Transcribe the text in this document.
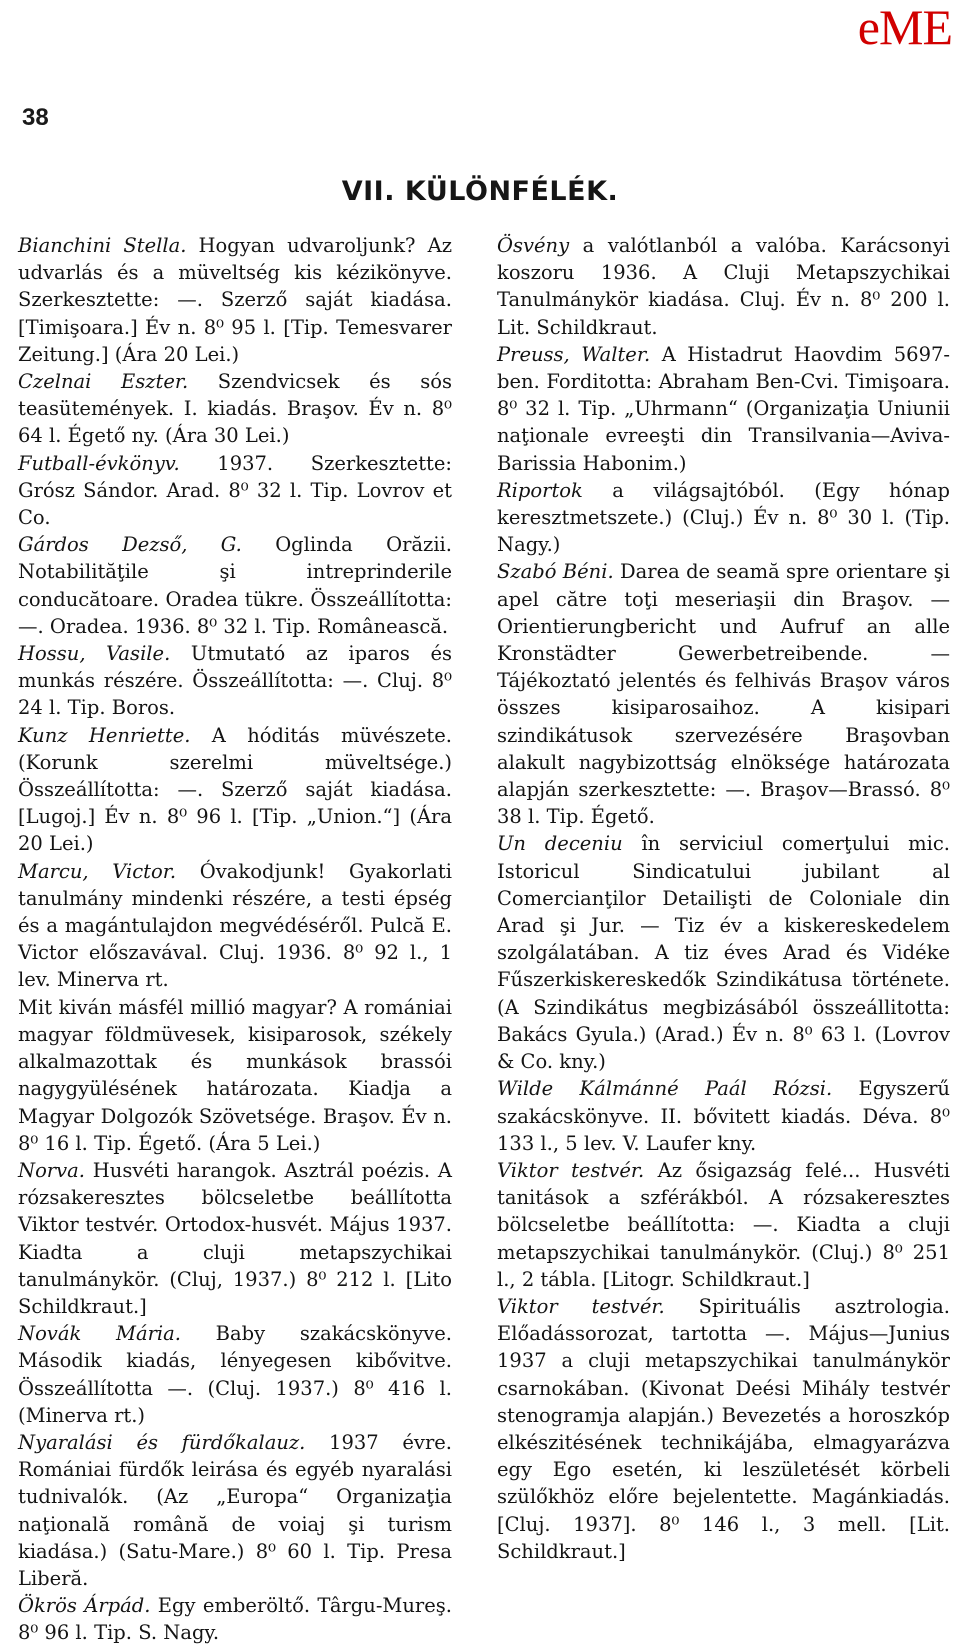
eME
38
VII. KÜLÖNFÉLÉK.

Bianchini Stella. Hogyan udvaroljunk? Az udvarlás és a müveltség kis kézikönyve. Szerkesztette: —. Szerző saját kiadása. [Timişoara.] Év n. 8⁰ 95 l. [Tip. Temesvarer Zeitung.] (Ára 20 Lei.)

Czelnai Eszter. Szendvicsek és sós teasütemények. I. kiadás. Braşov. Év n. 8⁰ 64 l. Égető ny. (Ára 30 Lei.)

Futball-évkönyv. 1937. Szerkesztette: Grósz Sándor. Arad. 8⁰ 32 l. Tip. Lovrov et Co.

Gárdos Dezső, G. Oglinda Orăzii. Notabilităţile şi intreprinderile conducătoare. Oradea tükre. Összeállította: —. Oradea. 1936. 8⁰ 32 l. Tip. Românească.

Hossu, Vasile. Utmutató az iparos és munkás részére. Összeállította: —. Cluj. 8⁰ 24 l. Tip. Boros.

Kunz Henriette. A hóditás müvészete. (Korunk szerelmi müveltsége.) Összeállította: —. Szerző saját kiadása. [Lugoj.] Év n. 8⁰ 96 l. [Tip. „Union.“] (Ára 20 Lei.)

Marcu, Victor. Óvakodjunk! Gyakorlati tanulmány mindenki részére, a testi épség és a magántulajdon megvédéséről. Pulcă E. Victor előszavával. Cluj. 1936. 8⁰ 92 l., 1 lev. Minerva rt.

Mit kiván másfél millió magyar? A romániai magyar földmüvesek, kisiparosok, székely alkalmazottak és munkások brassói nagygyülésének határozata. Kiadja a Magyar Dolgozók Szövetsége. Braşov. Év n. 8⁰ 16 l. Tip. Égető. (Ára 5 Lei.)

Norva. Husvéti harangok. Asztrál poézis. A rózsakeresztes bölcseletbe beállította Viktor testvér. Ortodox-husvét. Május 1937. Kiadta a cluji metapszychikai tanulmánykör. (Cluj, 1937.) 8⁰ 212 l. [Lito Schildkraut.]

Novák Mária. Baby szakácskönyve. Második kiadás, lényegesen kibővitve. Összeállította —. (Cluj. 1937.) 8⁰ 416 l. (Minerva rt.)

Nyaralási és fürdőkalauz. 1937 évre. Romániai fürdők leirása és egyéb nyaralási tudnivalók. (Az „Europa“ Organizaţia naţională română de voiaj şi turism kiadása.) (Satu-Mare.) 8⁰ 60 l. Tip. Presa Liberă.

Ökrös Árpád. Egy emberöltő. Târgu-Mureş. 8⁰ 96 l. Tip. S. Nagy.

Ösvény a valótlanból a valóba. Karácsonyi koszoru 1936. A Cluji Metapszychikai Tanulmánykör kiadása. Cluj. Év n. 8⁰ 200 l. Lit. Schildkraut.

Preuss, Walter. A Histadrut Haovdim 5697-ben. Forditotta: Abraham Ben-Cvi. Timişoara. 8⁰ 32 l. Tip. „Uhrmann“ (Organizaţia Uniunii naţionale evreeşti din Transilvania—Aviva-Barissia Habonim.)

Riportok a világsajtóból. (Egy hónap keresztmetszete.) (Cluj.) Év n. 8⁰ 30 l. (Tip. Nagy.)

Szabó Béni. Darea de seamă spre orientare şi apel către toţi meseriaşii din Braşov. — Orientierungbericht und Aufruf an alle Kronstädter Gewerbetreibende. — Tájékoztató jelentés és felhivás Braşov város összes kisiparosaihoz. A kisipari szindikátusok szervezésére Braşovban alakult nagybizottság elnöksége határozata alapján szerkesztette: —. Braşov—Brassó. 8⁰ 38 l. Tip. Égető.

Un deceniu în serviciul comerţului mic. Istoricul Sindicatului jubilant al Comercianţilor Detailişti de Coloniale din Arad şi Jur. — Tiz év a kiskereskedelem szolgálatában. A tiz éves Arad és Vidéke Fűszerkiskereskedők Szindikátusa története. (A Szindikátus megbizásából összeállitotta: Bakács Gyula.) (Arad.) Év n. 8⁰ 63 l. (Lovrov & Co. kny.)

Wilde Kálmánné Paál Rózsi. Egyszerű szakácskönyve. II. bővitett kiadás. Déva. 8⁰ 133 l., 5 lev. V. Laufer kny.

Viktor testvér. Az ősigazság felé... Husvéti tanitások a szférákból. A rózsakeresztes bölcseletbe beállította: —. Kiadta a cluji metapszychikai tanulmánykör. (Cluj.) 8⁰ 251 l., 2 tábla. [Litogr. Schildkraut.]

Viktor testvér. Spirituális asztrologia. Előadássorozat, tartotta —. Május—Junius 1937 a cluji metapszychikai tanulmánykör csarnokában. (Kivonat Deési Mihály testvér stenogramja alapján.) Bevezetés a horoszkóp elkészitésének technikájába, elmagyarázva egy Ego esetén, ki leszületését körbeli szülőkhöz előre bejelentette. Magánkiadás. [Cluj. 1937]. 8⁰ 146 l., 3 mell. [Lit. Schildkraut.]
